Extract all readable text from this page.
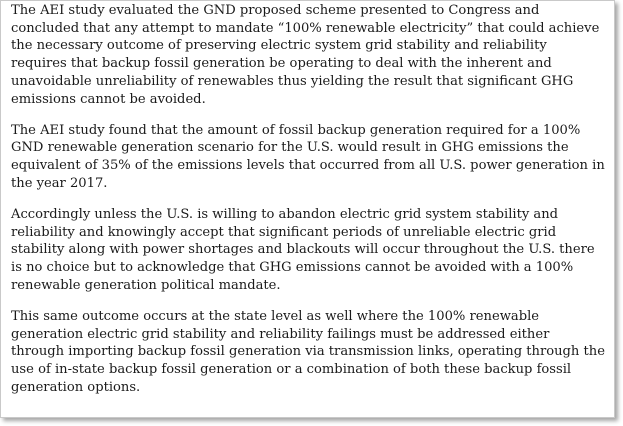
The AEI study evaluated the GND proposed scheme presented to Congress and concluded that any attempt to mandate “100% renewable electricity” that could achieve the necessary outcome of preserving electric system grid stability and reliability requires that backup fossil generation be operating to deal with the inherent and unavoidable unreliability of renewables thus yielding the result that significant GHG emissions cannot be avoided.

The AEI study found that the amount of fossil backup generation required for a 100% GND renewable generation scenario for the U.S. would result in GHG emissions the equivalent of 35% of the emissions levels that occurred from all U.S. power generation in the year 2017.

Accordingly unless the U.S. is willing to abandon electric grid system stability and reliability and knowingly accept that significant periods of unreliable electric grid stability along with power shortages and blackouts will occur throughout the U.S. there is no choice but to acknowledge that GHG emissions cannot be avoided with a 100% renewable generation political mandate.

This same outcome occurs at the state level as well where the 100% renewable generation electric grid stability and reliability failings must be addressed either through importing backup fossil generation via transmission links, operating through the use of in-state backup fossil generation or a combination of both these backup fossil generation options.
